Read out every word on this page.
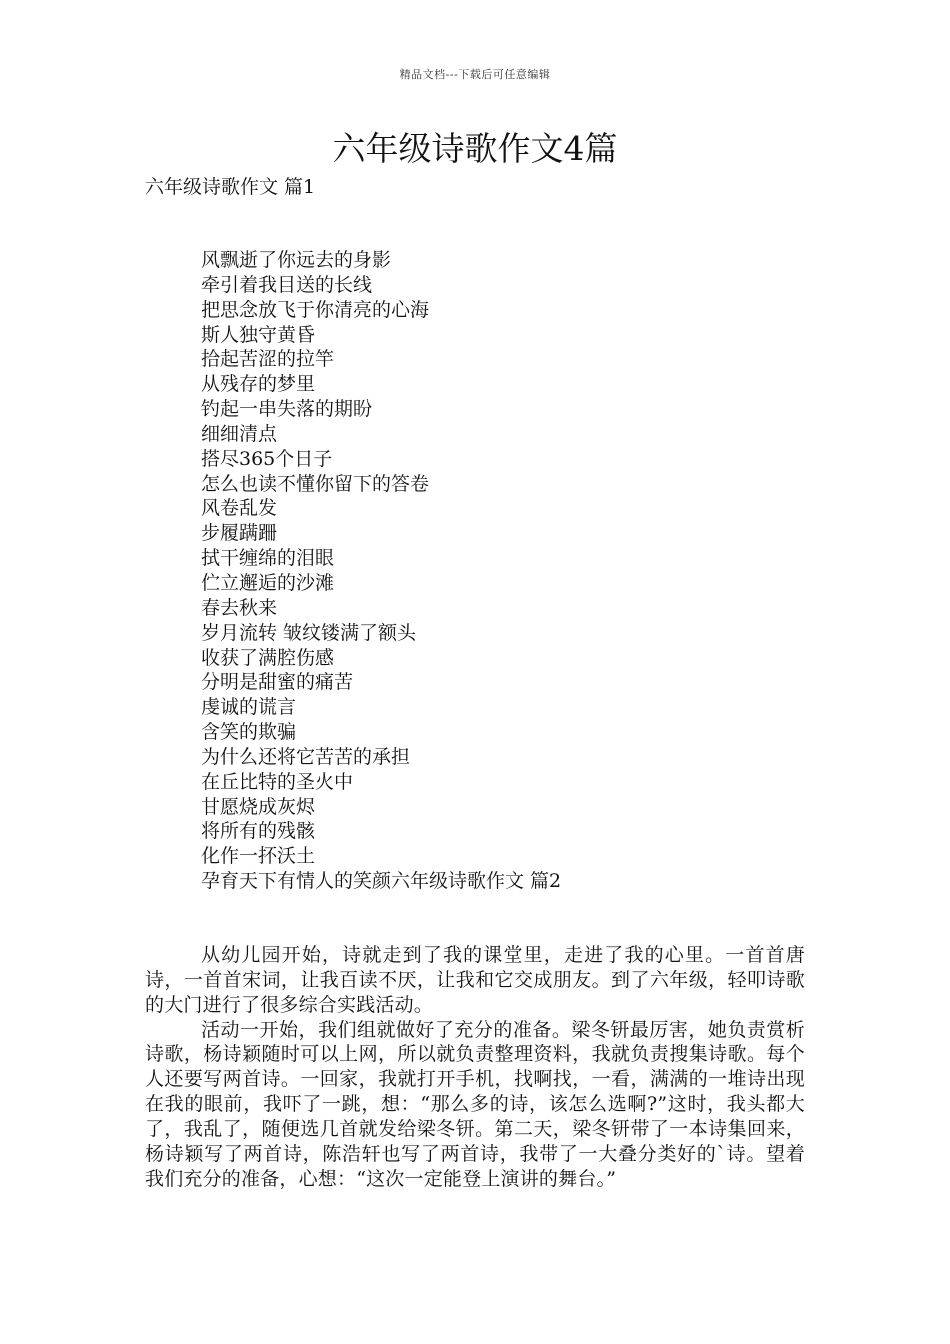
精品文档---下载后可任意编辑
六年级诗歌作文4篇
六年级诗歌作文 篇1
风飘逝了你远去的身影
牵引着我目送的长线
把思念放飞于你清亮的心海
斯人独守黄昏
拾起苦涩的拉竿
从残存的梦里
钓起一串失落的期盼
细细清点
搭尽365个日子
怎么也读不懂你留下的答卷
风卷乱发
步履蹒跚
拭干缠绵的泪眼
伫立邂逅的沙滩
春去秋来
岁月流转 皱纹镂满了额头
收获了满腔伤感
分明是甜蜜的痛苦
虔诚的谎言
含笑的欺骗
为什么还将它苦苦的承担
在丘比特的圣火中
甘愿烧成灰烬
将所有的残骸
化作一抔沃土
孕育天下有情人的笑颜六年级诗歌作文 篇2

从幼儿园开始，诗就走到了我的课堂里，走进了我的心里。一首首唐诗，一首首宋词，让我百读不厌，让我和它交成朋友。到了六年级，轻叩诗歌的大门进行了很多综合实践活动。

活动一开始，我们组就做好了充分的准备。梁冬钘最厉害，她负责赏析诗歌，杨诗颖随时可以上网，所以就负责整理资料，我就负责搜集诗歌。每个人还要写两首诗。一回家，我就打开手机，找啊找，一看，满满的一堆诗出现在我的眼前，我吓了一跳，想：“那么多的诗，该怎么选啊?”这时，我头都大了，我乱了，随便选几首就发给梁冬钘。第二天，梁冬钘带了一本诗集回来，杨诗颖写了两首诗，陈浩轩也写了两首诗，我带了一大叠分类好的`诗。望着我们充分的准备，心想：“这次一定能登上演讲的舞台。”
